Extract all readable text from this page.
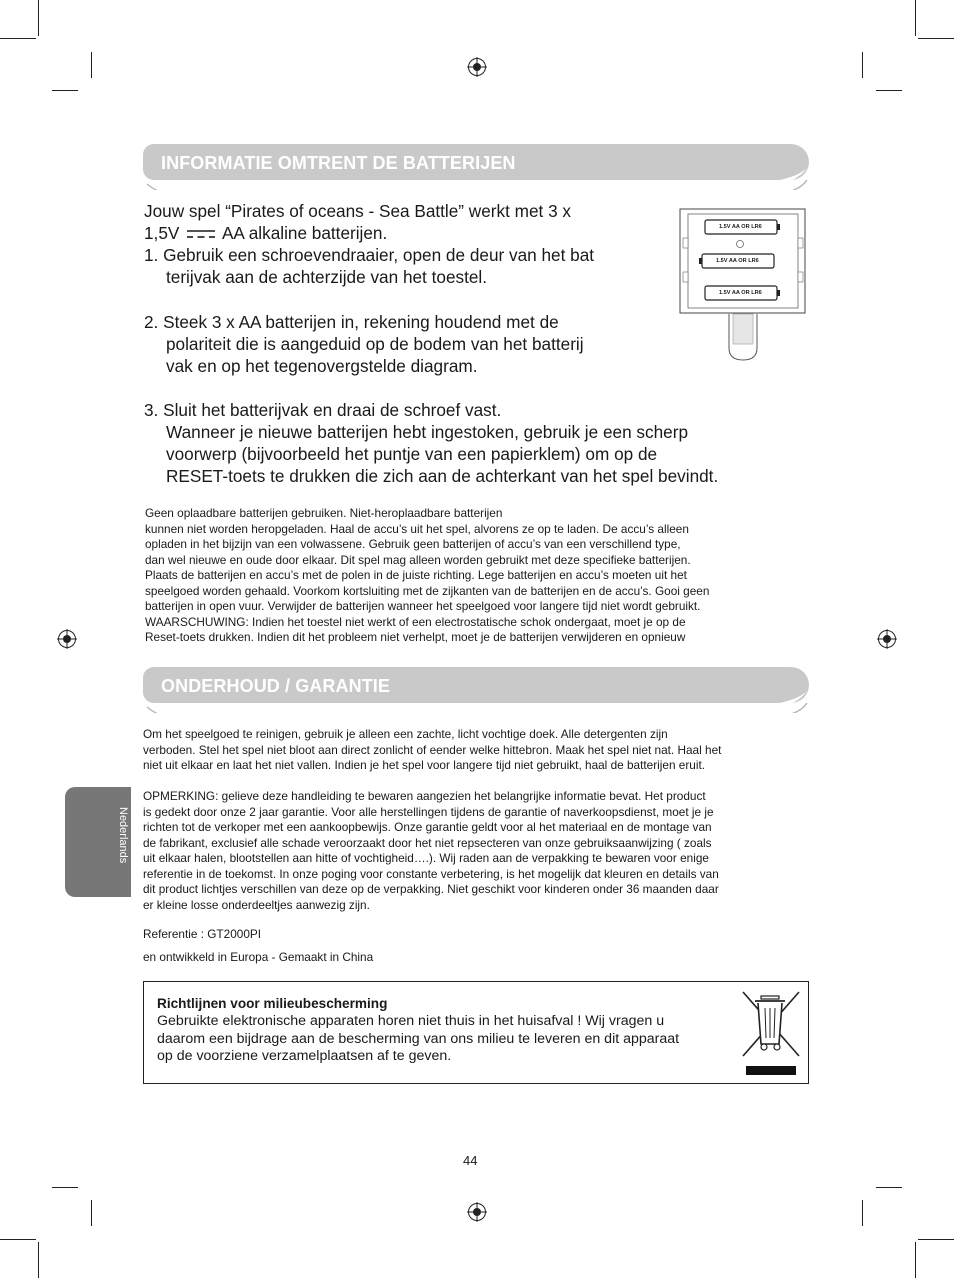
INFORMATIE OMTRENT DE BATTERIJEN
Jouw spel “Pirates of oceans - Sea Battle” werkt met 3 x
1,5V AA alkaline batterijen.
1. Gebruik een schroevendraaier, open de deur van het bat
terijvak aan de achterzijde van het toestel.
2. Steek 3 x AA batterijen in, rekening houdend met de
polariteit die is aangeduid op de bodem van het batterij
vak en op het tegenovergstelde diagram.
3. Sluit het batterijvak en draai de schroef vast.
Wanneer je nieuwe batterijen hebt ingestoken, gebruik je een scherp
voorwerp (bijvoorbeeld het puntje van een papierklem) om op de
RESET-toets te drukken die zich aan de achterkant van het spel bevindt.
1.5V AA OR LR6
1.5V AA OR LR6
1.5V AA OR LR6
Geen oplaadbare batterijen gebruiken. Niet-heroplaadbare batterijen
kunnen niet worden heropgeladen. Haal de accu’s uit het spel, alvorens ze op te laden. De accu’s alleen
opladen in het bijzijn van een volwassene. Gebruik geen batterijen of accu’s van een verschillend type,
dan wel nieuwe en oude door elkaar. Dit spel mag alleen worden gebruikt met deze specifieke batterijen.
Plaats de batterijen en accu’s met de polen in de juiste richting. Lege batterijen en accu’s moeten uit het
speelgoed worden gehaald. Voorkom kortsluiting met de zijkanten van de batterijen en de accu’s. Gooi geen
batterijen in open vuur. Verwijder de batterijen wanneer het speelgoed voor langere tijd niet wordt gebruikt.
WAARSCHUWING: Indien het toestel niet werkt of een electrostatische schok ondergaat, moet je op de
Reset-toets drukken. Indien dit het probleem niet verhelpt, moet je de batterijen verwijderen en opnieuw
ONDERHOUD / GARANTIE
Om het speelgoed te reinigen, gebruik je alleen een zachte, licht vochtige doek. Alle detergenten zijn
verboden. Stel het spel niet bloot aan direct zonlicht of eender welke hittebron. Maak het spel niet nat. Haal het
niet uit elkaar en laat het niet vallen. Indien je het spel voor langere tijd niet gebruikt, haal de batterijen eruit.
OPMERKING: gelieve deze handleiding te bewaren aangezien het belangrijke informatie bevat. Het product
is gedekt door onze 2 jaar garantie. Voor alle herstellingen tijdens de garantie of naverkoopsdienst, moet je je
richten tot de verkoper met een aankoopbewijs. Onze garantie geldt voor al het materiaal en de montage van
de fabrikant, exclusief alle schade veroorzaakt door het niet repsecteren van onze gebruiksaanwijzing ( zoals
uit elkaar halen, blootstellen aan hitte of vochtigheid….). Wij raden aan de verpakking te bewaren voor enige
referentie in de toekomst. In onze poging voor constante verbetering, is het mogelijk dat kleuren en details van
dit product lichtjes verschillen van deze op de verpakking. Niet geschikt voor kinderen onder 36 maanden daar
er kleine losse onderdeeltjes aanwezig zijn.
Referentie : GT2000PI
en ontwikkeld in Europa - Gemaakt in China
Nederlands
Richtlijnen voor milieubescherming
Gebruikte elektronische apparaten horen niet thuis in het huisafval ! Wij vragen u
daarom een bijdrage aan de bescherming van ons milieu te leveren en dit apparaat
op de voorziene verzamelplaatsen af te geven.
44
